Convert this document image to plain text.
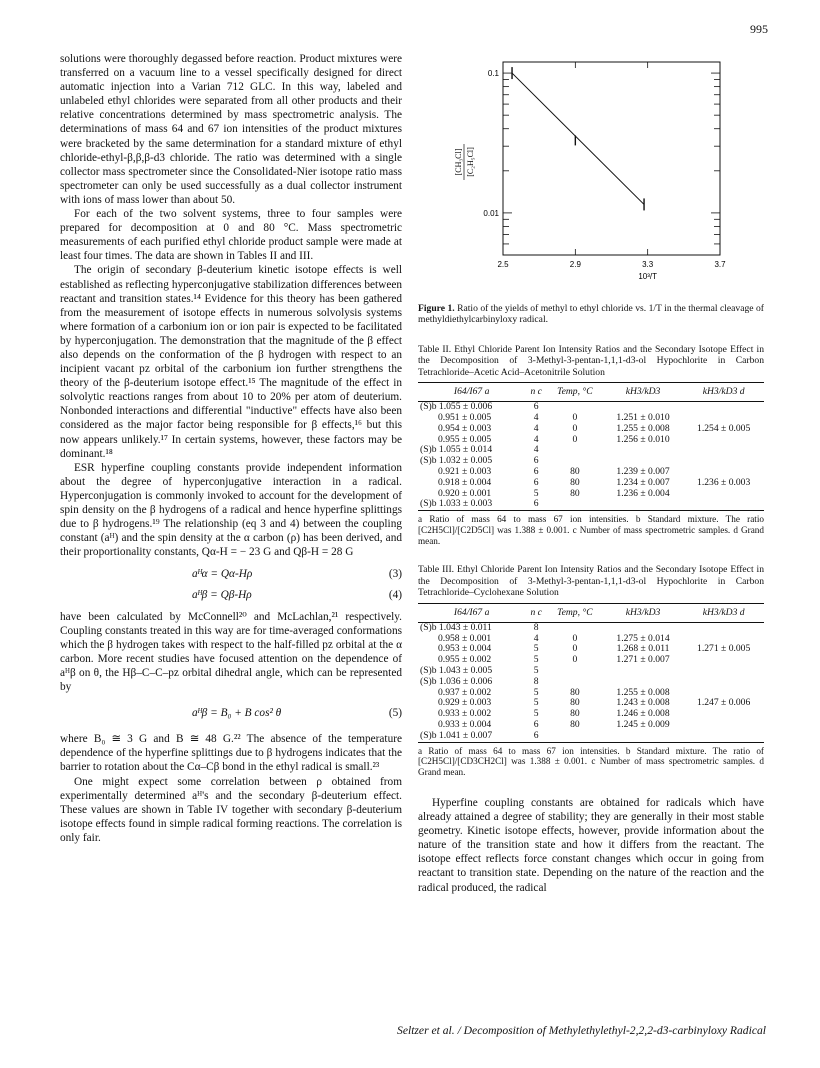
995

solutions were thoroughly degassed before reaction. Product mixtures were transferred on a vacuum line to a vessel specifically designed for direct automatic injection into a Varian 712 GLC. In this way, labeled and unlabeled ethyl chlorides were separated from all other products and their relative concentrations determined by mass spectrometric analysis. The determinations of mass 64 and 67 ion intensities of the product mixtures were bracketed by the same determination for a standard mixture of ethyl chloride-ethyl-β,β,β-d3 chloride. The ratio was determined with a single collector mass spectrometer since the Consolidated-Nier isotope ratio mass spectrometer can only be used successfully as a dual collector instrument with ions of mass lower than about 50.

For each of the two solvent systems, three to four samples were prepared for decomposition at 0 and 80 °C. Mass spectrometric measurements of each purified ethyl chloride product sample were made at least four times. The data are shown in Tables II and III.

The origin of secondary β-deuterium kinetic isotope effects is well established as reflecting hyperconjugative stabilization differences between reactant and transition states.¹⁴ Evidence for this theory has been gathered from the measurement of isotope effects in numerous solvolysis systems where formation of a carbonium ion or ion pair is expected to be facilitated by hyperconjugation. The demonstration that the magnitude of the β effect also depends on the conformation of the β hydrogen with respect to an incipient vacant pz orbital of the carbonium ion further strengthens the theory of the β-deuterium isotope effect.¹⁵ The magnitude of the effect in solvolytic reactions ranges from about 10 to 20% per atom of deuterium. Nonbonded interactions and differential "inductive" effects have also been considered as the major factor being responsible for β effects,¹⁶ but this now appears unlikely.¹⁷ In certain systems, however, these factors may be dominant.¹⁸

ESR hyperfine coupling constants provide independent information about the degree of hyperconjugative interaction in a radical. Hyperconjugation is commonly invoked to account for the development of spin density on the β hydrogens of a radical and hence hyperfine splittings due to β hydrogens.¹⁹ The relationship (eq 3 and 4) between the coupling constant (aᴴ) and the spin density at the α carbon (ρ) has been derived, and their proportionality constants, Qα-H = − 23 G and Qβ-H = 28 G

aᴴα = Qα-Hρ	(3)
aᴴβ = Qβ-Hρ	(4)

have been calculated by McConnell²⁰ and McLachlan,²¹ respectively. Coupling constants treated in this way are for time-averaged conformations which the β hydrogen takes with respect to the half-filled pz orbital at the α carbon. More recent studies have focused attention on the dependence of aᴴβ on θ, the Hβ–C–C–pz orbital dihedral angle, which can be represented by

aᴴβ = B₀ + B cos² θ	(5)

where B₀ ≅ 3 G and B ≅ 48 G.²² The absence of the temperature dependence of the hyperfine splittings due to β hydrogens indicates that the barrier to rotation about the Cα–Cβ bond in the ethyl radical is small.²³

One might expect some correlation between ρ obtained from experimentally determined aᴴ's and the secondary β-deuterium effect. These values are shown in Table IV together with secondary β-deuterium isotope effects found in simple radical forming reactions. The correlation is only fair.

2.5	2.9	3.3	3.7
0.1
0.01
[CH₃Cl] [C₂H₅Cl]
10³/T
Figure 1. Ratio of the yields of methyl to ethyl chloride vs. 1/T in the thermal cleavage of methyldiethylcarbinyloxy radical.
Table II. Ethyl Chloride Parent Ion Intensity Ratios and the Secondary Isotope Effect in the Decomposition of 3-Methyl-3-pentan-1,1,1-d3-ol Hypochlorite in Carbon Tetrachloride–Acetic Acid–Acetonitrile Solution
I64/I67 a	n c	Temp, °C	kH3/kD3	kH3/kD3 d
(S)b 1.055 ± 0.006	6			
0.951 ± 0.005	4	0	1.251 ± 0.010	
0.954 ± 0.003	4	0	1.255 ± 0.008	1.254 ± 0.005
0.955 ± 0.005	4	0	1.256 ± 0.010	
(S)b 1.055 ± 0.014	4			
(S)b 1.032 ± 0.005	6			
0.921 ± 0.003	6	80	1.239 ± 0.007	
0.918 ± 0.004	6	80	1.234 ± 0.007	1.236 ± 0.003
0.920 ± 0.001	5	80	1.236 ± 0.004	
(S)b 1.033 ± 0.003	6			
a Ratio of mass 64 to mass 67 ion intensities. b Standard mixture. The ratio [C2H5Cl]/[C2D5Cl] was 1.388 ± 0.001. c Number of mass spectrometric samples. d Grand mean.
Table III. Ethyl Chloride Parent Ion Intensity Ratios and the Secondary Isotope Effect in the Decomposition of 3-Methyl-3-pentan-1,1,1-d3-ol Hypochlorite in Carbon Tetrachloride–Cyclohexane Solution
I64/I67 a	n c	Temp, °C	kH3/kD3	kH3/kD3 d
(S)b 1.043 ± 0.011	8			
0.958 ± 0.001	4	0	1.275 ± 0.014	
0.953 ± 0.004	5	0	1.268 ± 0.011	1.271 ± 0.005
0.955 ± 0.002	5	0	1.271 ± 0.007	
(S)b 1.043 ± 0.005	5			
(S)b 1.036 ± 0.006	8			
0.937 ± 0.002	5	80	1.255 ± 0.008	
0.929 ± 0.003	5	80	1.243 ± 0.008	1.247 ± 0.006
0.933 ± 0.002	5	80	1.246 ± 0.008	
0.933 ± 0.004	6	80	1.245 ± 0.009	
(S)b 1.041 ± 0.007	6			
a Ratio of mass 64 to mass 67 ion intensities. b Standard mixture. The ratio of [C2H5Cl]/[CD3CH2Cl] was 1.388 ± 0.001. c Number of mass spectrometric samples. d Grand mean.

Hyperfine coupling constants are obtained for radicals which have already attained a degree of stability; they are generally in their most stable geometry. Kinetic isotope effects, however, provide information about the nature of the transition state and how it differs from the reactant. The isotope effect reflects force constant changes which occur in going from reactant to transition state. Depending on the nature of the reaction and the radical produced, the radical

Seltzer et al. / Decomposition of Methylethylethyl-2,2,2-d3-carbinyloxy Radical
